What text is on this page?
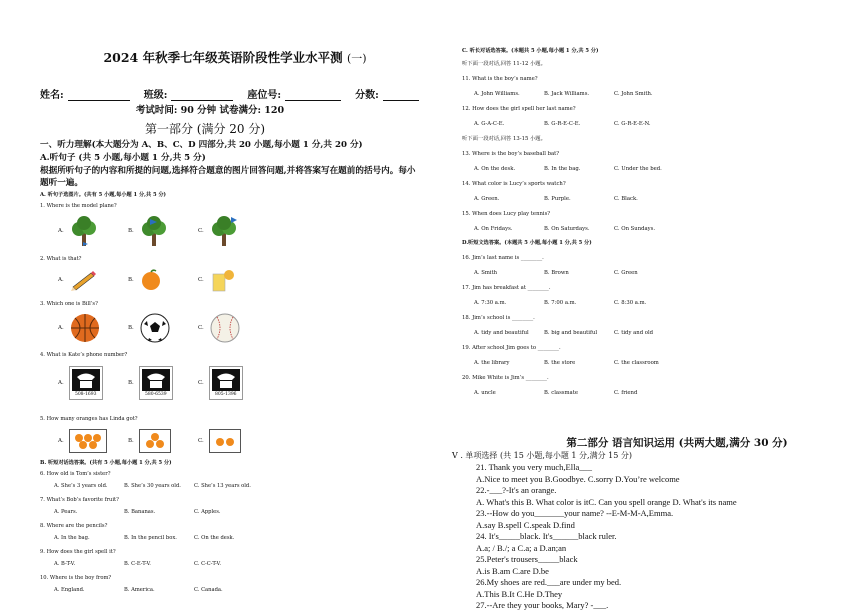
2024 年秋季七年级英语阶段性学业水平测 (一)
姓名:	班级:	座位号:	分数:
考试时间: 90 分钟 试卷满分: 120
第一部分 (满分 20 分)
一、听力理解(本大题分为 A、B、C、D 四部分,共 20 小题,每小题 1 分,共 20 分)
A.听句子 (共 5 小题,每小题 1 分,共 5 分)
根据所听句子的内容和所提的问题,选择符合题意的图片回答问题,并将答案写在题前的括号内。每小题听一遍。
A. 听句子选图片。(共有 5 小题,每小题 1 分,共 5 分)
1. Where is the model plane?
A.	B.	C.
2. What is that?
A.	B.	C.
3. Which one is Bill’s?
A.	B.	C.
4. What is Kate’s phone number?
A.
508-1693
B.
580-6539
C.
805-1396
5. How many oranges has Linda got?
A.	B.	C.
B. 听短对话选答案。(共有 5 小题,每小题 1 分,共 5 分)
6. How old is Tom’s sister?
A. She’s 3 years old.	B. She’s 30 years old.	C. She’s 13 years old.
7. What’s Bob’s favorite fruit?
A. Pears.	B. Bananas.	C. Apples.
8. Where are the pencils?
A. In the bag.	B. In the pencil box.	C. On the desk.
9. How does the girl spell it?
A. B-T-V.	B. C-E-T-V.	C. C-C-T-V.
10. Where is the boy from?
A. England.	B. America.	C. Canada.
C. 听长对话选答案。(本题共 5 小题,每小题 1 分,共 5 分)
听下面一段对话,回答 11-12 小题。
11. What is the boy’s name?
A. John Williams.	B. Jack Williams.	C. John Smith.
12. How does the girl spell her last name?
A. G-A-C-E.	B. G-R-E-C-E.	C. G-R-E-E-N.
听下面一段对话,回答 13-15 小题。
13. Where is the boy’s baseball bat?
A. On the desk.	B. In the bag.	C. Under the bed.
14. What color is Lucy’s sports watch?
A. Green.	B. Purple.	C. Black.
15. When does Lucy play tennis?
A. On Fridays.	B. On Saturdays.	C. On Sundays.
D.听短文选答案。(本题共 5 小题,每小题 1 分,共 5 分)
16. Jim’s last name is ________.
A. Smith	B. Brown	C. Green
17. Jim has breakfast at ________.
A. 7:30 a.m.	B. 7:00 a.m.	C. 8:30 a.m.
18. Jim’s school is ________.
A. tidy and beautiful	B. big and beautiful	C. tidy and old
19. After school Jim goes to ________.
A. the library	B. the store	C. the classroom
20. Mike White is Jim’s ________.
A. uncle	B. classmate	C. friend
第二部分 语言知识运用 (共两大题,满分 30 分)
V . 单项选择 (共 15 小题,每小题 1 分,满分 15 分)
21. Thank you very much,Ella___
A.Nice to meet you B.Goodbye. C.sorry D.You’re welcome
22.-___?-It's an orange.
A. What's this B. What color is itC. Can you spell orange D. What's its name
23.--How do you_______your name? --E-M-M-A,Emma.
A.say B.spell C.speak D.find
24. It's_____black. It's______black ruler.
A.a; / B./; a C.a; a D.an;an
25.Peter's trousers_____black
A.is B.am C.are D.be
26.My shoes are red.___are under my bed.
A.This B.It C.He D.They
27.--Are they your books, Mary? -___.
